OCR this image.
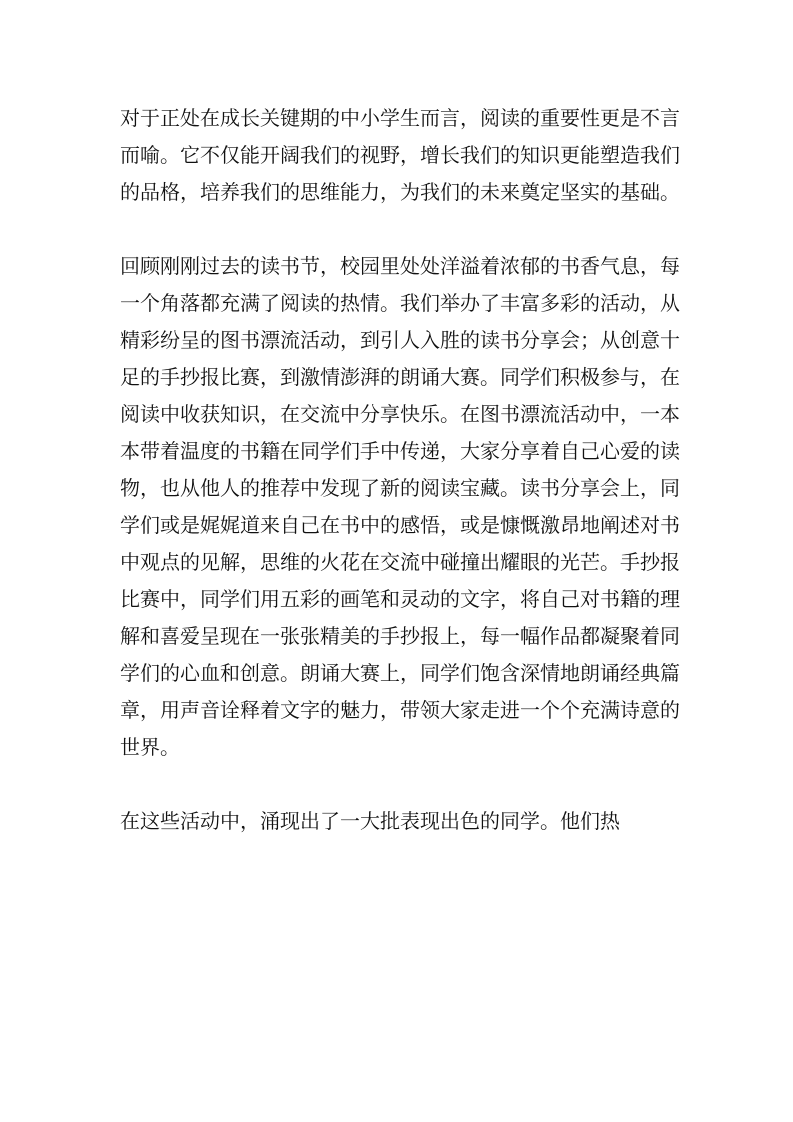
对于正处在成长关键期的中小学生而言，阅读的重要性更是不言而喻。它不仅能开阔我们的视野，增长我们的知识更能塑造我们的品格，培养我们的思维能力，为我们的未来奠定坚实的基础。

回顾刚刚过去的读书节，校园里处处洋溢着浓郁的书香气息，每一个角落都充满了阅读的热情。我们举办了丰富多彩的活动，从精彩纷呈的图书漂流活动，到引人入胜的读书分享会；从创意十足的手抄报比赛，到激情澎湃的朗诵大赛。同学们积极参与，在阅读中收获知识，在交流中分享快乐。在图书漂流活动中，一本本带着温度的书籍在同学们手中传递，大家分享着自己心爱的读物，也从他人的推荐中发现了新的阅读宝藏。读书分享会上，同学们或是娓娓道来自己在书中的感悟，或是慷慨激昂地阐述对书中观点的见解，思维的火花在交流中碰撞出耀眼的光芒。手抄报比赛中，同学们用五彩的画笔和灵动的文字，将自己对书籍的理解和喜爱呈现在一张张精美的手抄报上，每一幅作品都凝聚着同学们的心血和创意。朗诵大赛上，同学们饱含深情地朗诵经典篇章，用声音诠释着文字的魅力，带领大家走进一个个充满诗意的世界。

在这些活动中，涌现出了一大批表现出色的同学。他们热
